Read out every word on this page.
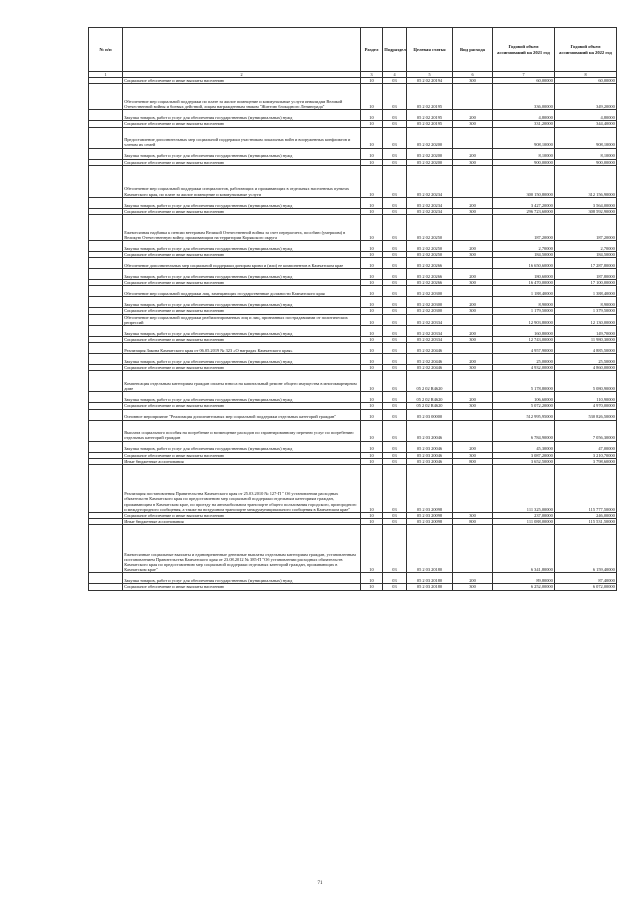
№ п/п		Раздел	Подраздел	Целевая статья	Вид расхода	Годовой объем ассигнований на 2021 год	Годовой объем ассигнований на 2022 год
1	2	3	4	5	6	7	8
	Социальное обеспечение и иные выплаты населению	10	03	05 2 02 20194	300	60,00000	60,00000
	Обеспечение мер социальной поддержки по плате за жилое помещение и коммунальные услуги инвалидам Великой Отечественной войны и боевых действий, лицам награжденным знаком "Жителю блокадного Ленинграда"	10	03	05 2 02 20195		336,00000	349,20000
	Закупка товаров, работ и услуг для обеспечения государственных (муниципальных) нужд	10	03	05 2 02 20195	200	4,80000	4,80000
	Социальное обеспечение и иные выплаты населению	10	03	05 2 02 20195	300	331,20000	344,40000
	Предоставление дополнительных мер социальной поддержки участникам локальных войн и вооруженных конфликтов и членам их семей	10	03	05 2 02 20200		908,10000	908,10000
	Закупка товаров, работ и услуг для обеспечения государственных (муниципальных) нужд	10	03	05 2 02 20200	200	8,10000	8,10000
	Социальное обеспечение и иные выплаты населению	10	03	05 2 02 20200	300	900,00000	900,00000
	Обеспечение мер социальной поддержки специалистов, работающих и проживающих в отдельных населенных пунктах Камчатского края, по плате за жилое помещение и коммунальные услуги	10	03	05 2 02 20234		300 150,80000	312 156,90000
	Закупка товаров, работ и услуг для обеспечения государственных (муниципальных) нужд	10	03	05 2 02 20234	200	3 427,20000	3 564,00000
	Социальное обеспечение и иные выплаты населению	10	03	05 2 02 20234	300	296 723,60000	308 592,90000
	Ежемесячная надбавка к пенсии ветеранам Великой Отечественной войны за счет перерасчета, пособию (умершим) в Великую Отечественную войну, проживающим на территории Корякского округа	10	03	05 2 02 20250		187,20000	187,20000
	Закупка товаров, работ и услуг для обеспечения государственных (муниципальных) нужд	10	03	05 2 02 20250	200	2,70000	2,70000
	Социальное обеспечение и иные выплаты населению	10	03	05 2 02 20250	300	184,50000	184,50000
	Обеспечение дополнительных мер социальной поддержки донорам крови и (или) ее компонентов в Камчатском крае	10	03	05 2 02 20266		16 650,60000	17 287,80000
	Закупка товаров, работ и услуг для обеспечения государственных (муниципальных) нужд	10	03	05 2 02 20266	200	180,60000	187,80000
	Социальное обеспечение и иные выплаты населению	10	03	05 2 02 20266	300	16 470,00000	17 100,00000
	Обеспечение мер социальной поддержки лиц, замещающих государственные должности Камчатского края	10	03	05 2 02 20300		1 188,40000	1 388,40000
	Закупка товаров, работ и услуг для обеспечения государственных (муниципальных) нужд	10	03	05 2 02 20300	200	8,90000	8,90000
	Социальное обеспечение и иные выплаты населению	10	03	05 2 02 20300	300	1 179,50000	1 379,50000
	Обеспечение мер социальной поддержки реабилитированных лиц и лиц, признанных пострадавшими от политических репрессий	10	03	05 2 02 20334		12 903,80000	12 130,00000
	Закупка товаров, работ и услуг для обеспечения государственных (муниципальных) нужд	10	03	05 2 02 20334	200	160,80000	149,70000
	Социальное обеспечение и иные выплаты населению	10	03	05 2 02 20334	300	12 743,00000	11 980,30000
	Реализация Закона Камчатского края от 06.05.2019 № 323 «О наградах Камчатского края»	10	03	05 2 02 20446		4 957,90000	4 885,50000
	Закупка товаров, работ и услуг для обеспечения государственных (муниципальных) нужд	10	03	05 2 02 20446	200	25,00000	25,50000
	Социальное обеспечение и иные выплаты населению	10	03	05 2 02 20446	300	4 932,00000	4 860,00000
	Компенсация отдельным категориям граждан оплаты взноса на капитальный ремонт общего имущества в многоквартирном доме	10	03	05 2 02 R4620		5 178,80000	5 080,90000
	Закупка товаров, работ и услуг для обеспечения государственных (муниципальных) нужд	10	03	05 2 02 R4620	200	106,60000	110,90000
	Социальное обеспечение и иные выплаты населению	10	03	05 2 02 R4620	300	5 072,20000	4 970,00000
	Основное мероприятие "Реализация дополнительных мер социальной поддержки отдельных категорий граждан"	10	03	05 2 03 00000		512 995,95000	530 826,50000
	Выплата социального пособия на погребение и возмещение расходов по гарантированному перечню услуг по погребению отдельных категорий граждан	10	03	05 2 03 20046		6 784,90000	7 056,30000
	Закупка товаров, работ и услуг для обеспечения государственных (муниципальных) нужд	10	03	05 2 03 20046	200	45,30000	47,00000
	Социальное обеспечение и иные выплаты населению	10	03	05 2 03 20046	300	3 087,20000	3 210,70000
	Иные бюджетные ассигнования	10	03	05 2 03 20046	800	3 652,50000	3 798,60000
	Реализация постановления Правительства Камчатского края от 25.03.2010 № 127-П " Об установлении расходных обязательств Камчатского края по предоставлению мер социальной поддержки отдельным категориям граждан, проживающим в Камчатском крае, по проезду на автомобильном транспорте общего пользования городского, пригородного и междугородного сообщения, а также на воздушном транспорте междумуниципального сообщения в Камчатском крае"	10	03	05 2 03 20098		111 325,00000	115 777,50000
	Социальное обеспечение и иные выплаты населению	10	03	05 2 03 20098	300	237,00000	246,00000
	Иные бюджетные ассигнования	10	03	05 2 03 20098	800	111 088,00000	115 531,50000
	Ежемесячные социальные выплаты и единовременные денежные выплаты отдельным категориям граждан, установленным постановлением Правительства Камчатского края от 23.08.2012 № 385-П "Об установлении расходных обязательств Камчатского края по предоставлению мер социальной поддержки отдельных категорий граждан, проживающих в Камчатском крае"	10	03	05 2 03 20180		6 341,80000	6 159,40000
	Закупка товаров, работ и услуг для обеспечения государственных (муниципальных) нужд	10	03	05 2 03 20180	200	89,80000	87,40000
	Социальное обеспечение и иные выплаты населению	10	03	05 2 03 20180	300	6 252,00000	6 072,00000
71
